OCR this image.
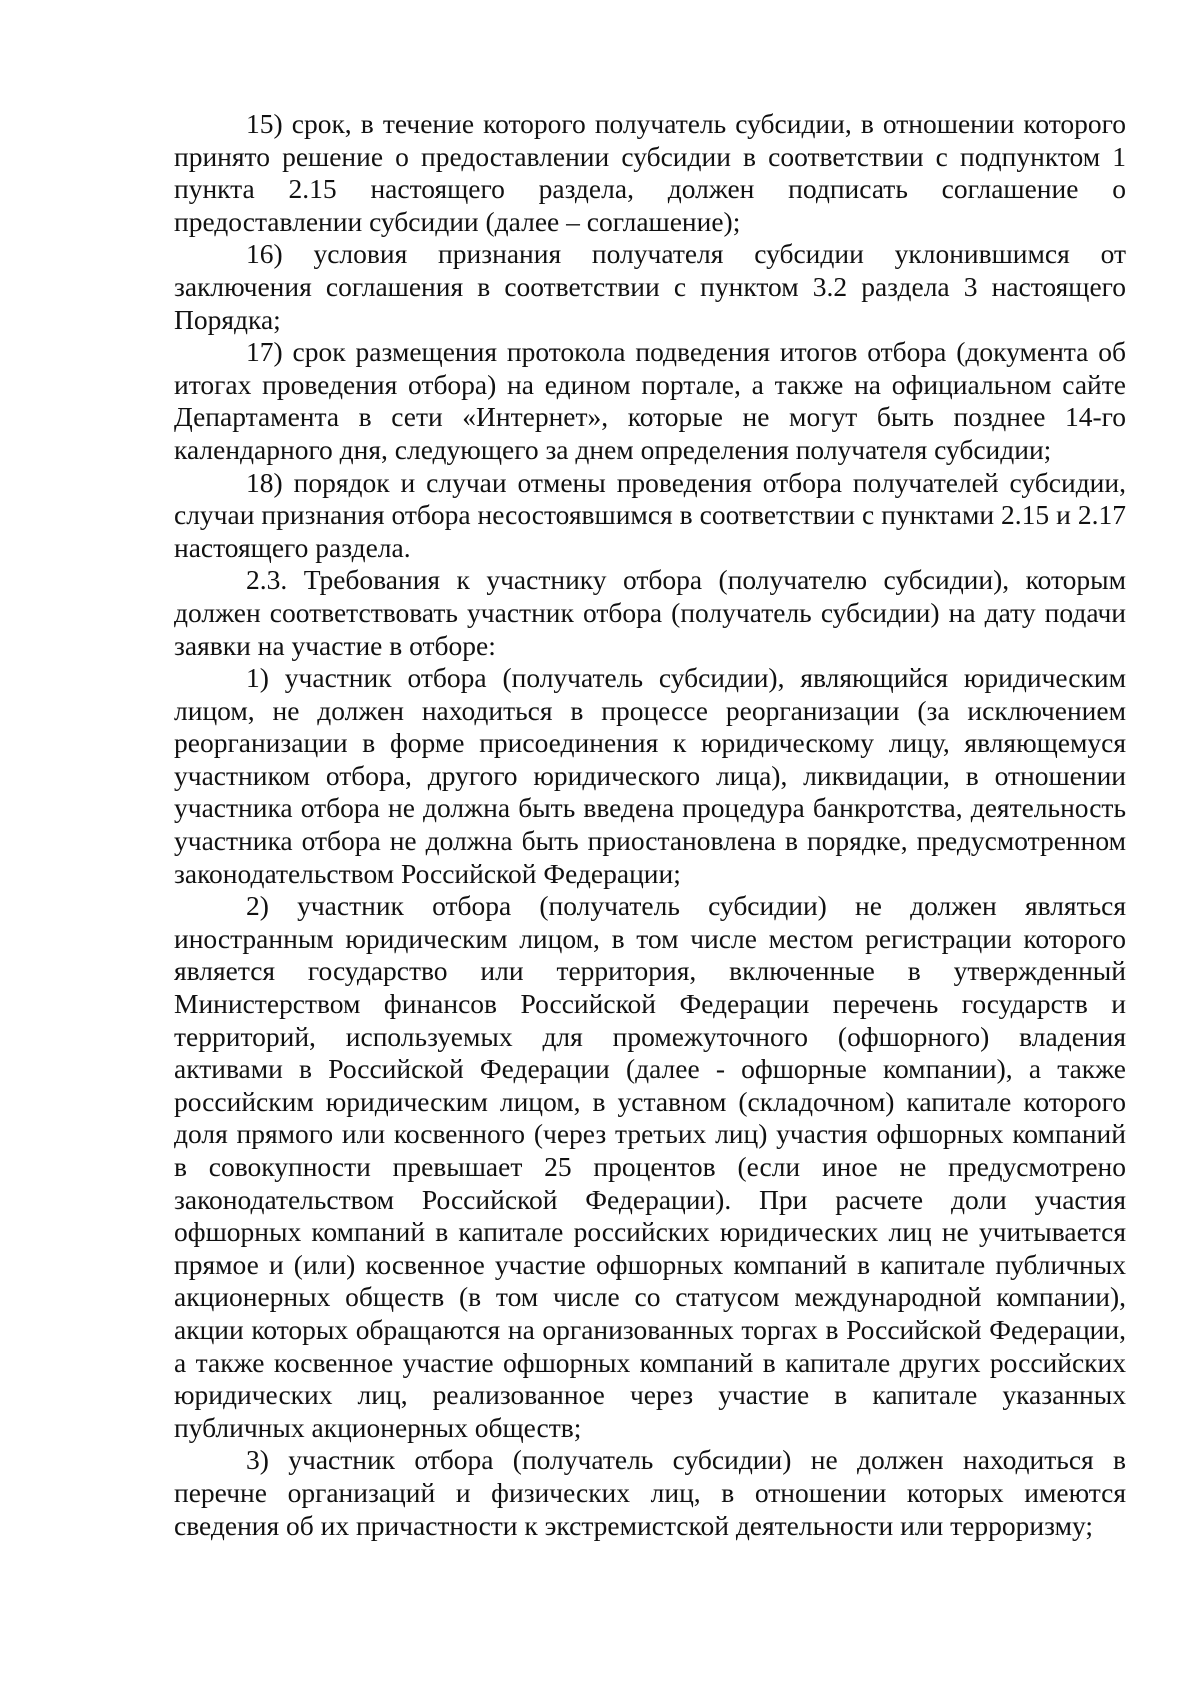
15) срок, в течение которого получатель субсидии, в отношении которого принято решение о предоставлении субсидии в соответствии с подпунктом 1 пункта 2.15 настоящего раздела, должен подписать соглашение о предоставлении субсидии (далее – соглашение);

16) условия признания получателя субсидии уклонившимся от заключения соглашения в соответствии с пунктом 3.2 раздела 3 настоящего Порядка;

17) срок размещения протокола подведения итогов отбора (документа об итогах проведения отбора) на едином портале, а также на официальном сайте Департамента в сети «Интернет», которые не могут быть позднее 14-го календарного дня, следующего за днем определения получателя субсидии;

18) порядок и случаи отмены проведения отбора получателей субсидии, случаи признания отбора несостоявшимся в соответствии с пунктами 2.15 и 2.17 настоящего раздела.

2.3. Требования к участнику отбора (получателю субсидии), которым должен соответствовать участник отбора (получатель субсидии) на дату подачи заявки на участие в отборе:

1) участник отбора (получатель субсидии), являющийся юридическим лицом, не должен находиться в процессе реорганизации (за исключением реорганизации в форме присоединения к юридическому лицу, являющемуся участником отбора, другого юридического лица), ликвидации, в отношении участника отбора не должна быть введена процедура банкротства, деятельность участника отбора не должна быть приостановлена в порядке, предусмотренном законодательством Российской Федерации;

2) участник отбора (получатель субсидии) не должен являться иностранным юридическим лицом, в том числе местом регистрации которого является государство или территория, включенные в утвержденный Министерством финансов Российской Федерации перечень государств и территорий, используемых для промежуточного (офшорного) владения активами в Российской Федерации (далее - офшорные компании), а также российским юридическим лицом, в уставном (складочном) капитале которого доля прямого или косвенного (через третьих лиц) участия офшорных компаний в совокупности превышает 25 процентов (если иное не предусмотрено законодательством Российской Федерации). При расчете доли участия офшорных компаний в капитале российских юридических лиц не учитывается прямое и (или) косвенное участие офшорных компаний в капитале публичных акционерных обществ (в том числе со статусом международной компании), акции которых обращаются на организованных торгах в Российской Федерации, а также косвенное участие офшорных компаний в капитале других российских юридических лиц, реализованное через участие в капитале указанных публичных акционерных обществ;

3) участник отбора (получатель субсидии) не должен находиться в перечне организаций и физических лиц, в отношении которых имеются сведения об их причастности к экстремистской деятельности или терроризму;
